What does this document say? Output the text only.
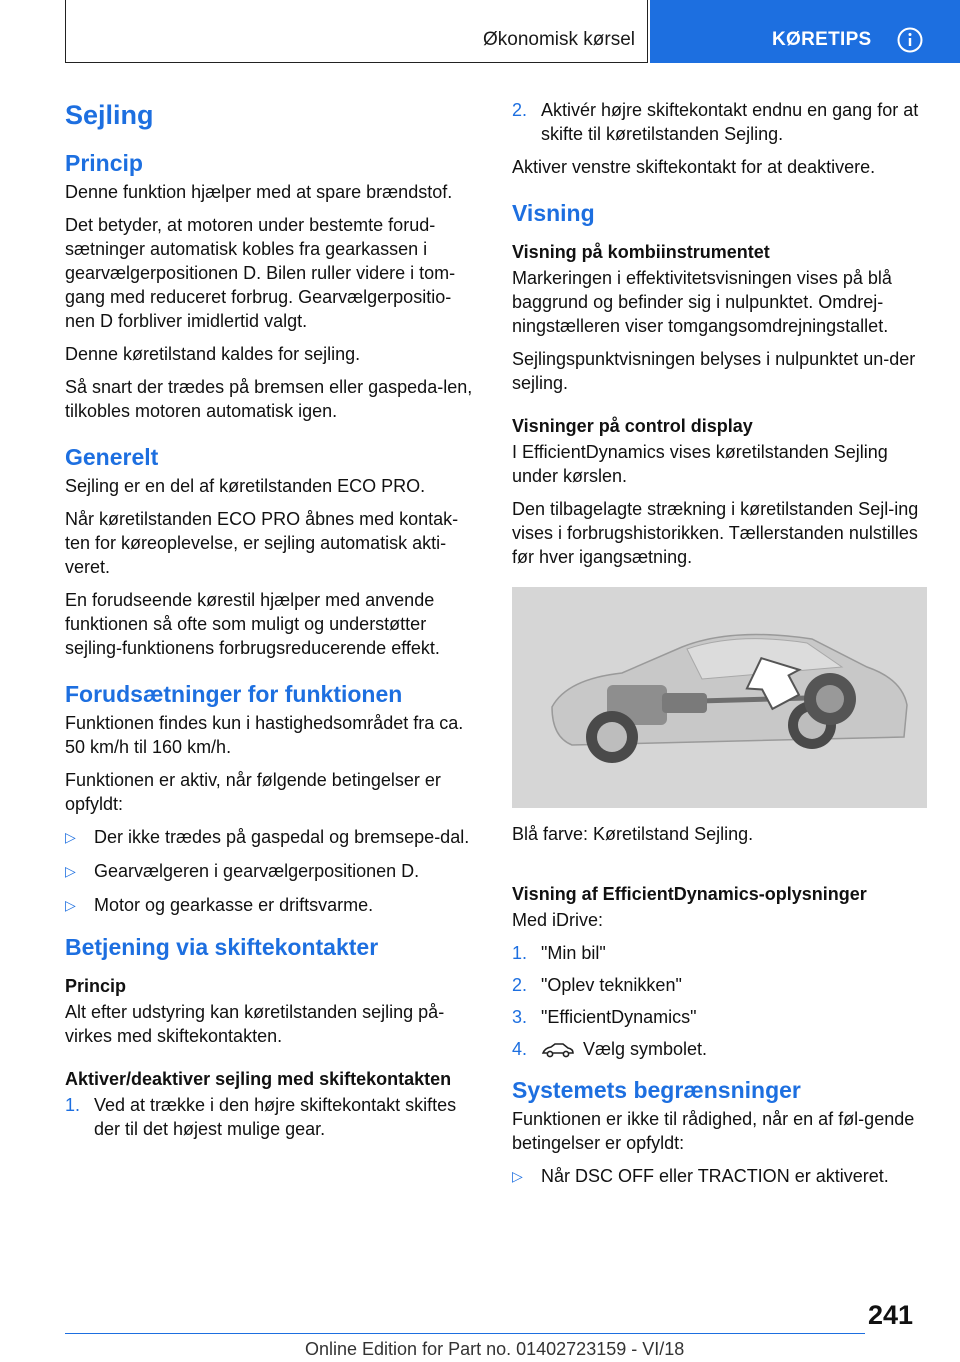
Økonomisk kørsel	KØRETIPS
Sejling
Princip

Denne funktion hjælper med at spare brændstof.

Det betyder, at motoren under bestemte forud-sætninger automatisk kobles fra gearkassen i gearvælgerpositionen D. Bilen ruller videre i tom-gang med reduceret forbrug. Gearvælgerpositio-nen D forbliver imidlertid valgt.

Denne køretilstand kaldes for sejling.

Så snart der trædes på bremsen eller gaspeda-len, tilkobles motoren automatisk igen.

Generelt

Sejling er en del af køretilstanden ECO PRO.

Når køretilstanden ECO PRO åbnes med kontak-ten for køreoplevelse, er sejling automatisk akti-veret.

En forudseende kørestil hjælper med anvende funktionen så ofte som muligt og understøtter sejling-funktionens forbrugsreducerende effekt.

Forudsætninger for funktionen

Funktionen findes kun i hastighedsområdet fra ca. 50 km/h til 160 km/h.

Funktionen er aktiv, når følgende betingelser er opfyldt:

▷ Der ikke trædes på gaspedal og bremsepe-dal.
▷ Gearvælgeren i gearvælgerpositionen D.
▷ Motor og gearkasse er driftsvarme.
Betjening via skiftekontakter
Princip

Alt efter udstyring kan køretilstanden sejling på-virkes med skiftekontakten.

Aktiver/deaktiver sejling med skiftekontakten
1. Ved at trække i den højre skiftekontakt skiftes der til det højest mulige gear.
2. Aktivér højre skiftekontakt endnu en gang for at skifte til køretilstanden Sejling.

Aktiver venstre skiftekontakt for at deaktivere.

Visning
Visning på kombiinstrumentet

Markeringen i effektivitetsvisningen vises på blå baggrund og befinder sig i nulpunktet. Omdrej-ningstælleren viser tomgangsomdrejningstallet.

Sejlingspunktvisningen belyses i nulpunktet un-der sejling.

Visninger på control display

I EfficientDynamics vises køretilstanden Sejling under kørslen.

Den tilbagelagte strækning i køretilstanden Sejl-ing vises i forbrugshistorikken. Tællerstanden nulstilles før hver igangsætning.

Blå farve: Køretilstand Sejling.

Visning af EfficientDynamics-oplysninger

Med iDrive:

1. "Min bil"
2. "Oplev teknikken"
3. "EfficientDynamics"
4.	Vælg symbolet.
Systemets begrænsninger

Funktionen er ikke til rådighed, når en af føl-gende betingelser er opfyldt:

▷ Når DSC OFF eller TRACTION er aktiveret.
241
Online Edition for Part no. 01402723159 - VI/18
